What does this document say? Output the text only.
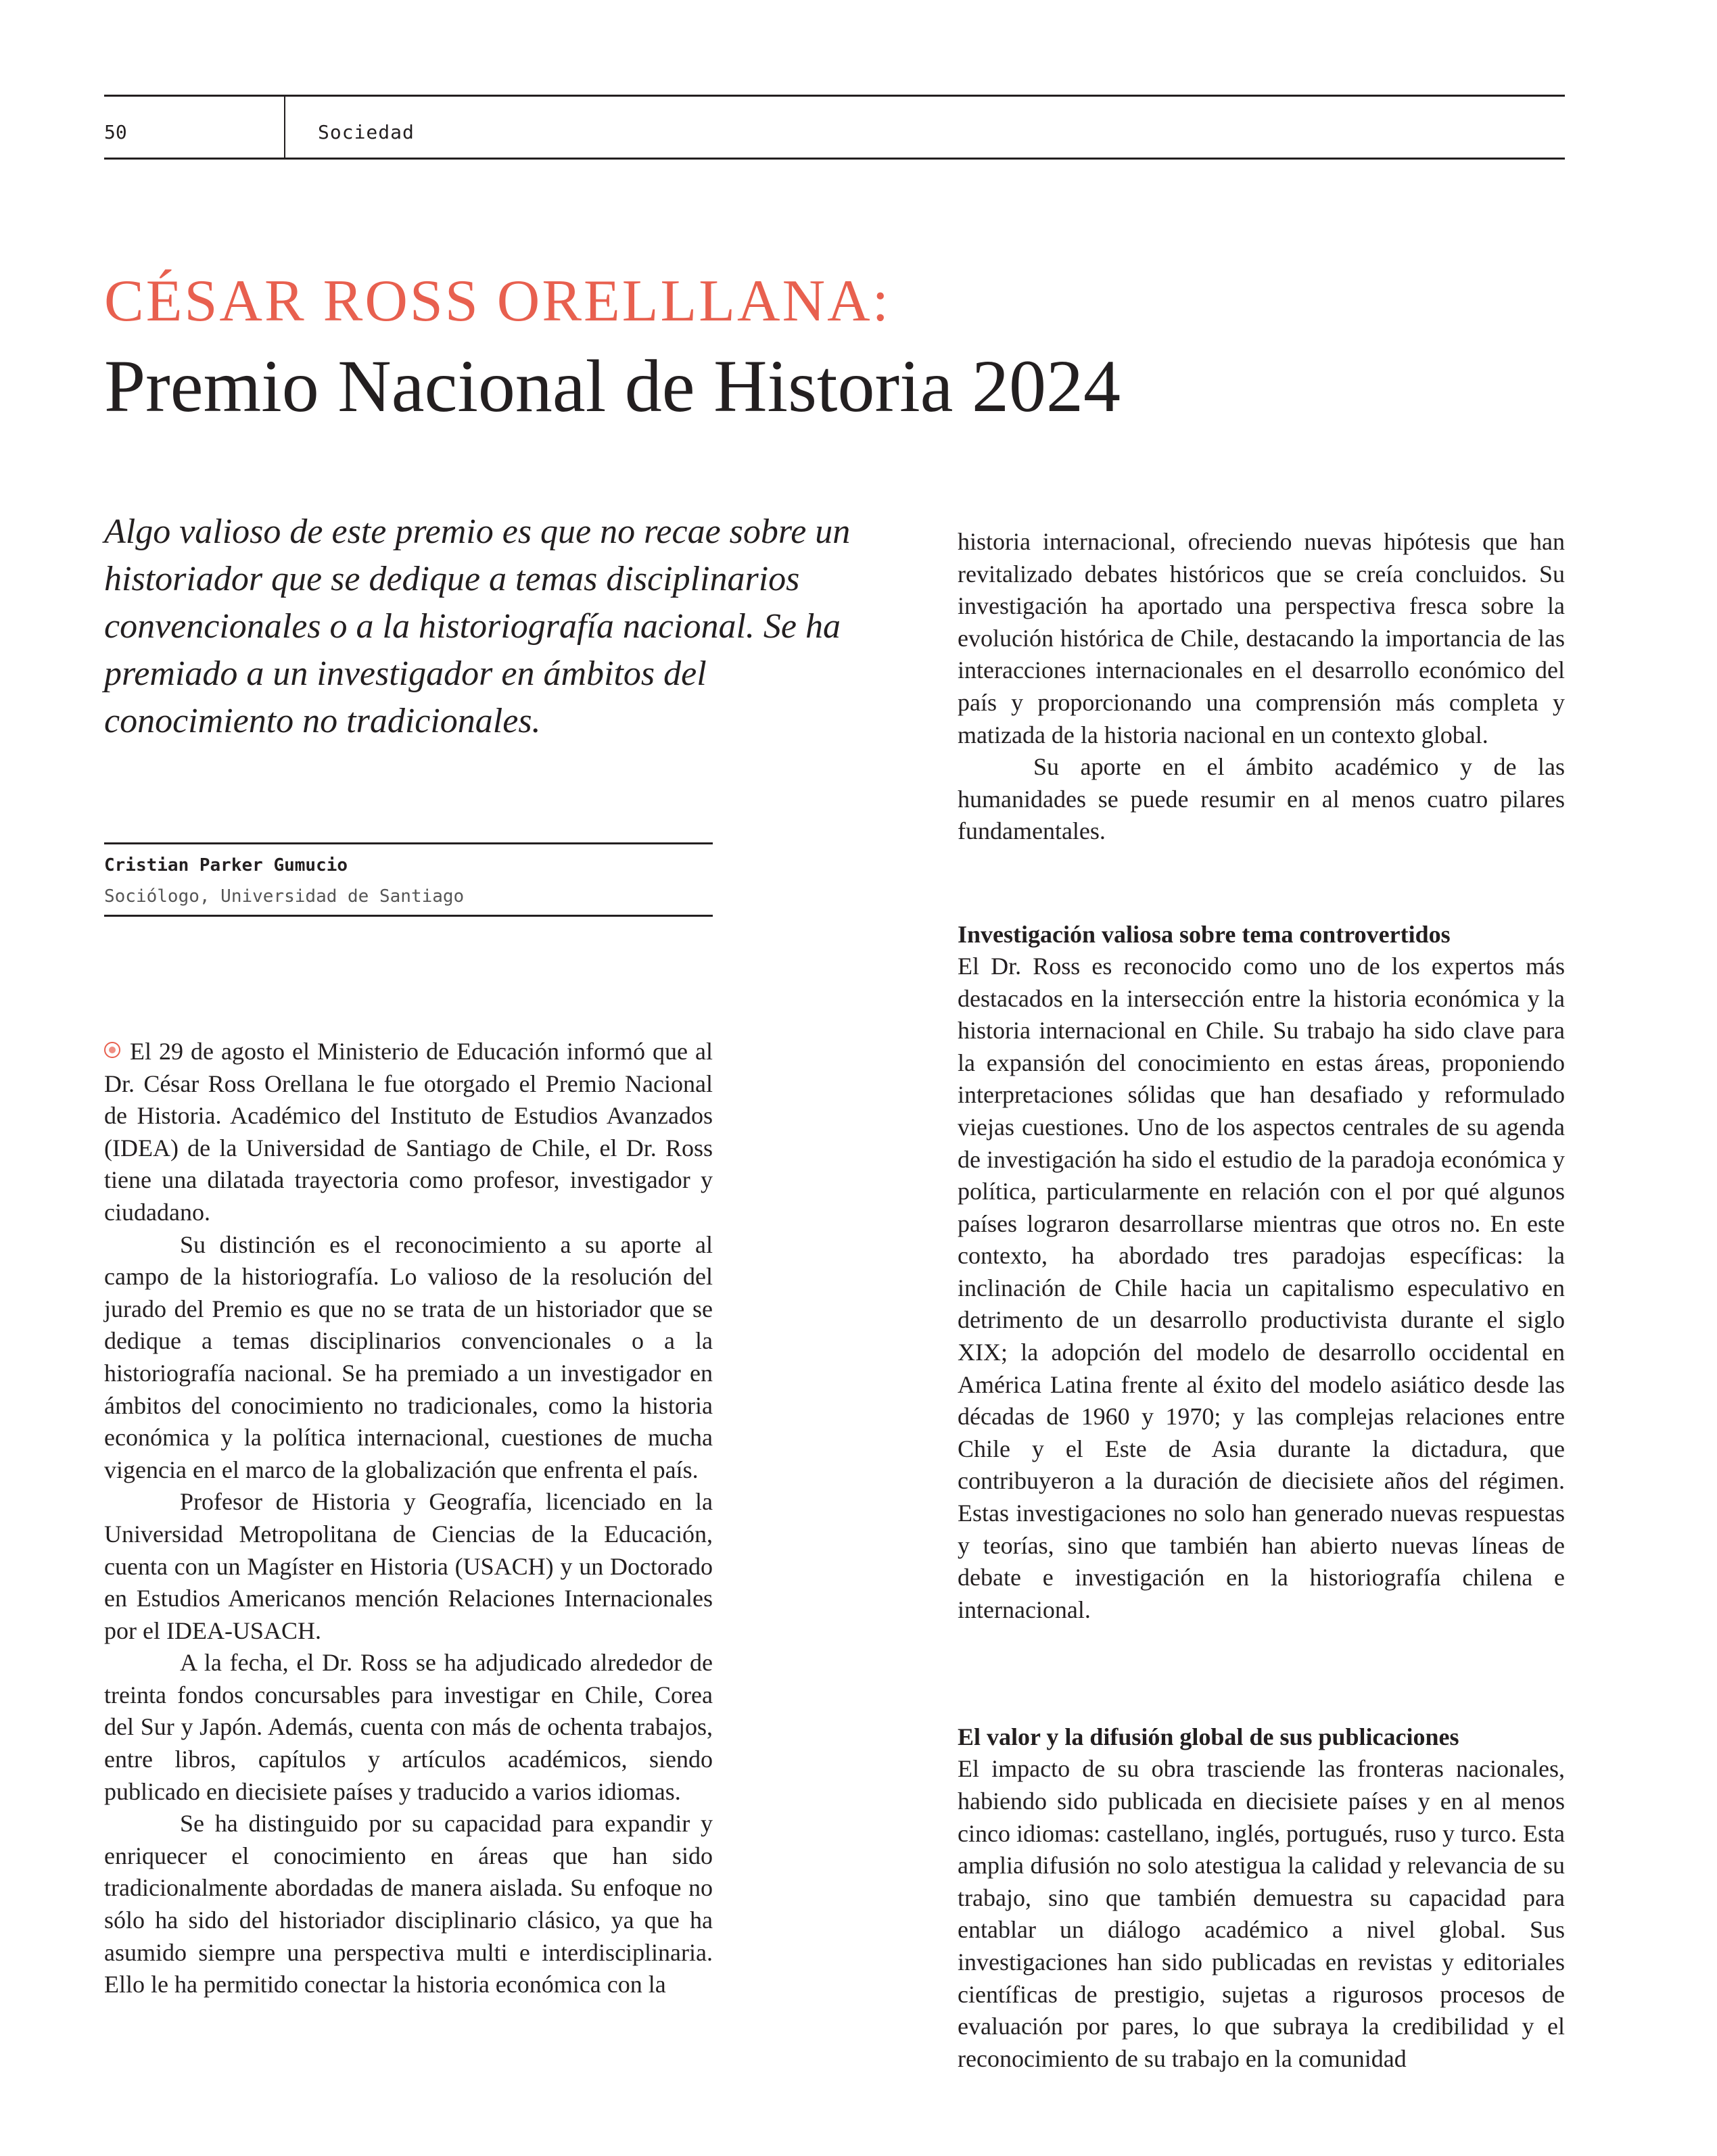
50	Sociedad
CÉSAR ROSS ORELLLANA:
Premio Nacional de Historia 2024

Algo valioso de este premio es que no recae sobre un historiador que se dedique a temas disciplinarios convencionales o a la historiografía nacional. Se ha premiado a un investigador en ámbitos del conocimiento no tradicionales.

Cristian Parker Gumucio
Sociólogo, Universidad de Santiago

El 29 de agosto el Ministerio de Educación informó que al Dr. César Ross Orellana le fue otorgado el Premio Nacional de Historia. Académico del Instituto de Estudios Avanzados (IDEA) de la Universidad de Santiago de Chile, el Dr. Ross tiene una dilatada trayectoria como profesor, investigador y ciudadano.

Su distinción es el reconocimiento a su aporte al campo de la historiografía. Lo valioso de la resolución del jurado del Premio es que no se trata de un historiador que se dedique a temas disciplinarios convencionales o a la historiografía nacional. Se ha premiado a un investigador en ámbitos del conocimiento no tradicionales, como la historia económica y la política internacional, cuestiones de mucha vigencia en el marco de la globalización que enfrenta el país.

Profesor de Historia y Geografía, licenciado en la Universidad Metropolitana de Ciencias de la Educación, cuenta con un Magíster en Historia (USACH) y un Doctorado en Estudios Americanos mención Relaciones Internacionales por el IDEA-USACH.

A la fecha, el Dr. Ross se ha adjudicado alrededor de treinta fondos concursables para investigar en Chile, Corea del Sur y Japón. Además, cuenta con más de ochenta trabajos, entre libros, capítulos y artículos académicos, siendo publicado en diecisiete países y traducido a varios idiomas.

Se ha distinguido por su capacidad para expandir y enriquecer el conocimiento en áreas que han sido tradicionalmente abordadas de manera aislada. Su enfoque no sólo ha sido del historiador disciplinario clásico, ya que ha asumido siempre una perspectiva multi e interdisciplinaria. Ello le ha permitido conectar la historia económica con la

historia internacional, ofreciendo nuevas hipótesis que han revitalizado debates históricos que se creía concluidos. Su investigación ha aportado una perspectiva fresca sobre la evolución histórica de Chile, destacando la importancia de las interacciones internacionales en el desarrollo económico del país y proporcionando una comprensión más completa y matizada de la historia nacional en un contexto global.

Su aporte en el ámbito académico y de las humanidades se puede resumir en al menos cuatro pilares fundamentales.

Investigación valiosa sobre tema controvertidos

El Dr. Ross es reconocido como uno de los expertos más destacados en la intersección entre la historia económica y la historia internacional en Chile. Su trabajo ha sido clave para la expansión del conocimiento en estas áreas, proponiendo interpretaciones sólidas que han desafiado y reformulado viejas cuestiones. Uno de los aspectos centrales de su agenda de investigación ha sido el estudio de la paradoja económica y política, particularmente en relación con el por qué algunos países lograron desarrollarse mientras que otros no. En este contexto, ha abordado tres paradojas específicas: la inclinación de Chile hacia un capitalismo especulativo en detrimento de un desarrollo productivista durante el siglo XIX; la adopción del modelo de desarrollo occidental en América Latina frente al éxito del modelo asiático desde las décadas de 1960 y 1970; y las complejas relaciones entre Chile y el Este de Asia durante la dictadura, que contribuyeron a la duración de diecisiete años del régimen. Estas investigaciones no solo han generado nuevas respuestas y teorías, sino que también han abierto nuevas líneas de debate e investigación en la historiografía chilena e internacional.

El valor y la difusión global de sus publicaciones

El impacto de su obra trasciende las fronteras nacionales, habiendo sido publicada en diecisiete países y en al menos cinco idiomas: castellano, inglés, portugués, ruso y turco. Esta amplia difusión no solo atestigua la calidad y relevancia de su trabajo, sino que también demuestra su capacidad para entablar un diálogo académico a nivel global. Sus investigaciones han sido publicadas en revistas y editoriales científicas de prestigio, sujetas a rigurosos procesos de evaluación por pares, lo que subraya la credibilidad y el reconocimiento de su trabajo en la comunidad
